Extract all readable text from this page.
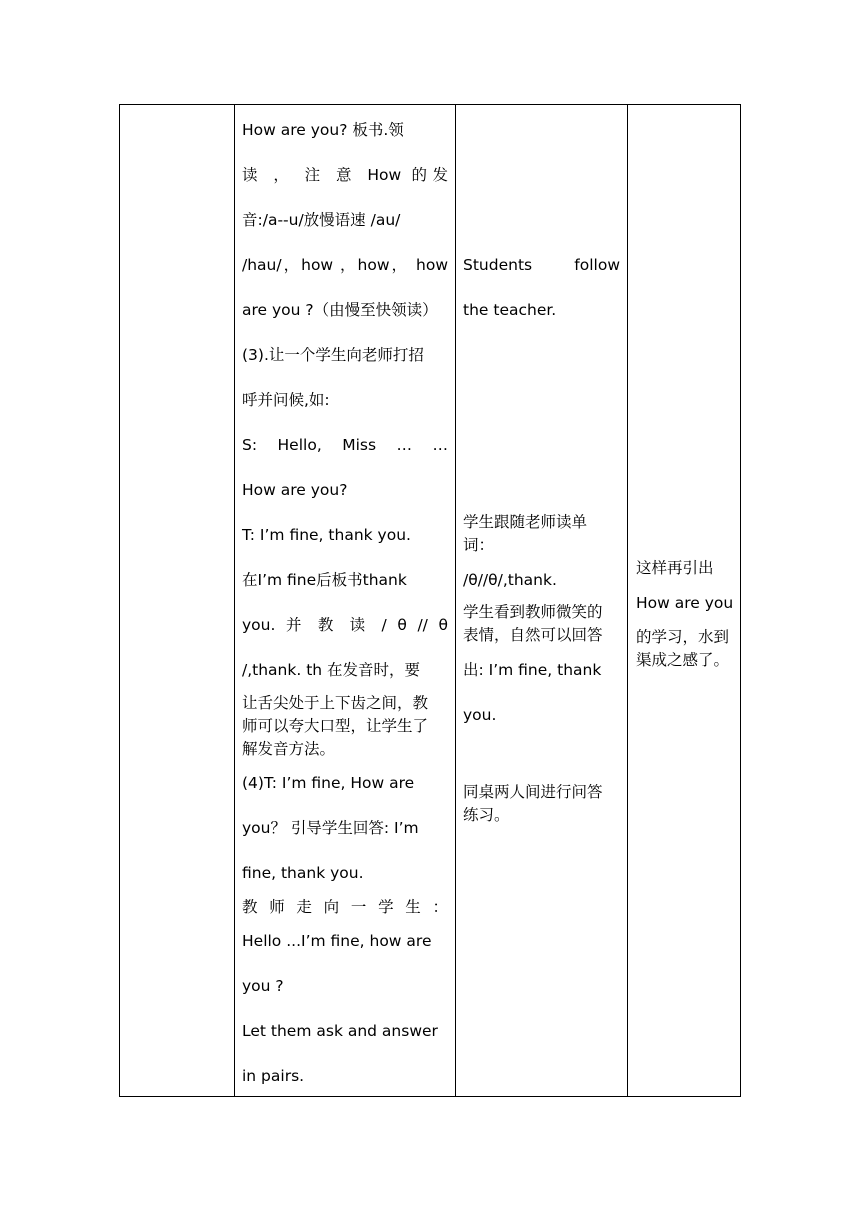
How are you? 板书.领
读 ， 注 意 How 的发
音:/a--u/放慢语速 /au/
/hau/，how ，how， how
are you ?（由慢至快领读）
(3).让一个学生向老师打招
呼并问候,如:
S: Hello, Miss … …
How are you?
T: I’m fine, thank you.
在I’m fine后板书thank
you. 并 教 读 / θ // θ
/,thank. th 在发音时，要
让舌尖处于上下齿之间，教
师可以夸大口型，让学生了
解发音方法。
(4)T: I’m fine, How are
you？ 引导学生回答: I’m
fine, thank you.
教 师 走 向 一 学 生 ：
Hello ...I’m fine, how are
you ?
Let them ask and answer
in pairs.
Students follow
the teacher.
学生跟随老师读单
词：
/θ//θ/,thank.
学生看到教师微笑的
表情，自然可以回答
出: I’m fine, thank
you.
同桌两人间进行问答
练习。
这样再引出
How are you
的学习，水到
渠成之感了。
